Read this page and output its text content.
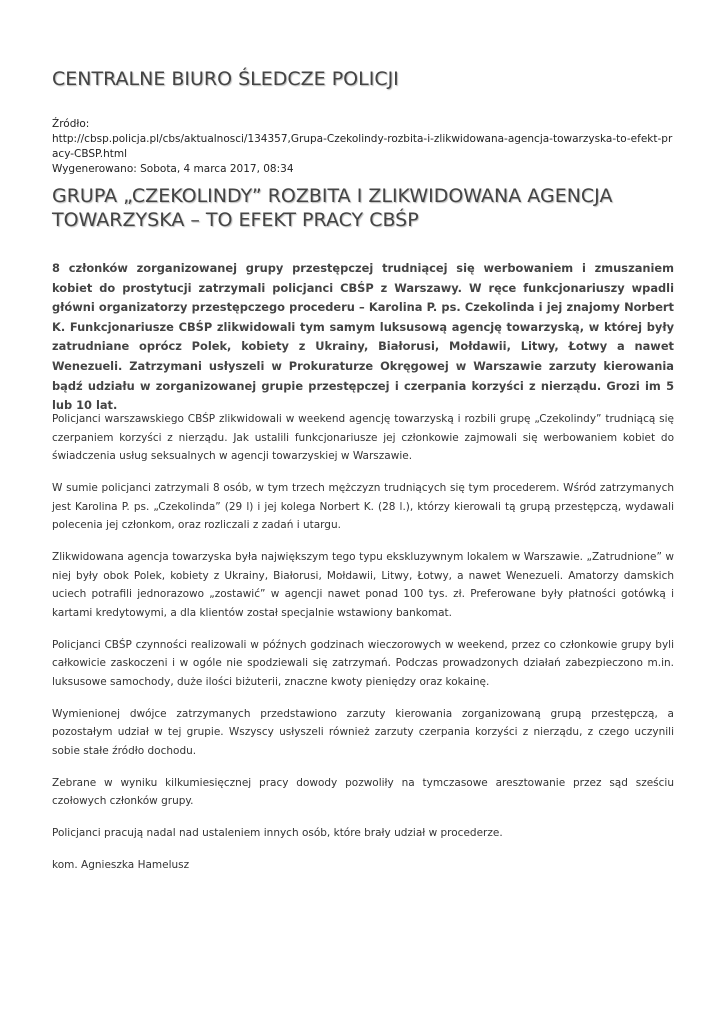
CENTRALNE BIURO ŚLEDCZE POLICJI
Źródło:
http://cbsp.policja.pl/cbs/aktualnosci/134357,Grupa-Czekolindy-rozbita-i-zlikwidowana-agencja-towarzyska-to-efekt-pracy-CBSP.html
Wygenerowano: Sobota, 4 marca 2017, 08:34
GRUPA „CZEKOLINDY” ROZBITA I ZLIKWIDOWANA AGENCJA TOWARZYSKA – TO EFEKT PRACY CBŚP
8 członków zorganizowanej grupy przestępczej trudniącej się werbowaniem i zmuszaniem kobiet do prostytucji zatrzymali policjanci CBŚP z Warszawy. W ręce funkcjonariuszy wpadli główni organizatorzy przestępczego procederu – Karolina P. ps. Czekolinda i jej znajomy Norbert K. Funkcjonariusze CBŚP zlikwidowali tym samym luksusową agencję towarzyską, w której były zatrudniane oprócz Polek, kobiety z Ukrainy, Białorusi, Mołdawii, Litwy, Łotwy a nawet Wenezueli. Zatrzymani usłyszeli w Prokuraturze Okręgowej w Warszawie zarzuty kierowania bądź udziału w zorganizowanej grupie przestępczej i czerpania korzyści z nierządu. Grozi im 5 lub 10 lat.

Policjanci warszawskiego CBŚP zlikwidowali w weekend agencję towarzyską i rozbili grupę „Czekolindy” trudniącą się czerpaniem korzyści z nierządu. Jak ustalili funkcjonariusze jej członkowie zajmowali się werbowaniem kobiet do świadczenia usług seksualnych w agencji towarzyskiej w Warszawie.

W sumie policjanci zatrzymali 8 osób, w tym trzech mężczyzn trudniących się tym procederem. Wśród zatrzymanych jest Karolina P. ps. „Czekolinda” (29 l) i jej kolega Norbert K. (28 l.), którzy kierowali tą grupą przestępczą, wydawali polecenia jej członkom, oraz rozliczali z zadań i utargu.

Zlikwidowana agencja towarzyska była największym tego typu ekskluzywnym lokalem w Warszawie. „Zatrudnione” w niej były obok Polek, kobiety z Ukrainy, Białorusi, Mołdawii, Litwy, Łotwy, a nawet Wenezueli. Amatorzy damskich uciech potrafili jednorazowo „zostawić” w agencji nawet ponad 100 tys. zł. Preferowane były płatności gotówką i kartami kredytowymi, a dla klientów został specjalnie wstawiony bankomat.

Policjanci CBŚP czynności realizowali w późnych godzinach wieczorowych w weekend, przez co członkowie grupy byli całkowicie zaskoczeni i w ogóle nie spodziewali się zatrzymań. Podczas prowadzonych działań zabezpieczono m.in. luksusowe samochody, duże ilości biżuterii, znaczne kwoty pieniędzy oraz kokainę.

Wymienionej dwójce zatrzymanych przedstawiono zarzuty kierowania zorganizowaną grupą przestępczą, a pozostałym udział w tej grupie. Wszyscy usłyszeli również zarzuty czerpania korzyści z nierządu, z czego uczynili sobie stałe źródło dochodu.

Zebrane w wyniku kilkumiesięcznej pracy dowody pozwoliły na tymczasowe aresztowanie przez sąd sześciu czołowych członków grupy.

Policjanci pracują nadal nad ustaleniem innych osób, które brały udział w procederze.

kom. Agnieszka Hamelusz
